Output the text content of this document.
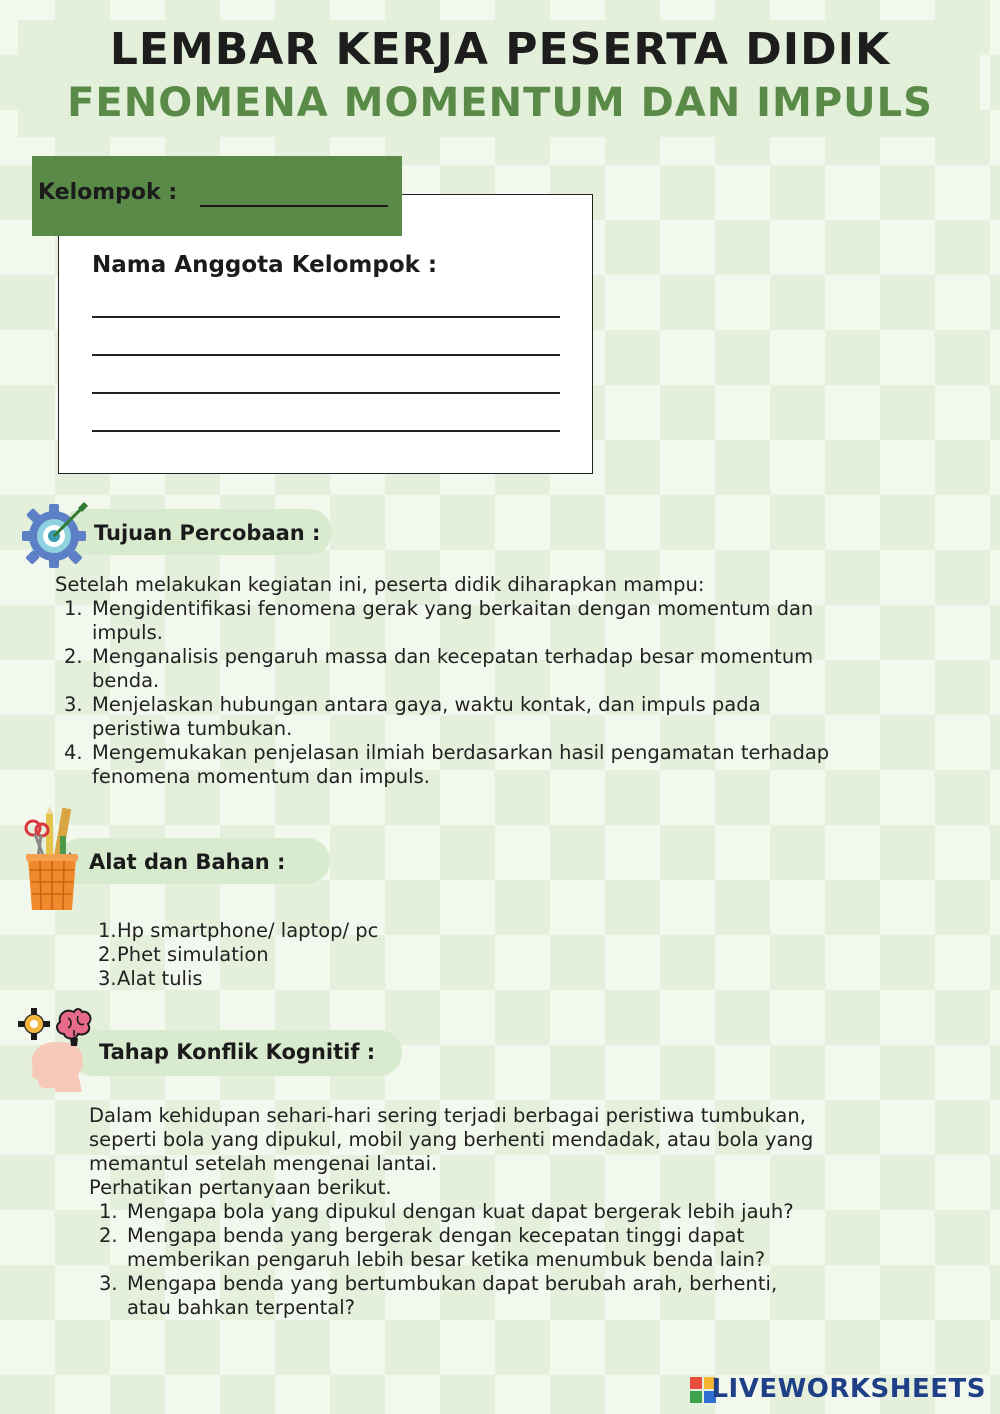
LEMBAR KERJA PESERTA DIDIK
FENOMENA MOMENTUM DAN IMPULS
Kelompok :
Nama Anggota Kelompok :
Tujuan Percobaan :
Setelah melakukan kegiatan ini, peserta didik diharapkan mampu:
1. Mengidentifikasi fenomena gerak yang berkaitan dengan momentum dan
impuls.
2. Menganalisis pengaruh massa dan kecepatan terhadap besar momentum
benda.
3. Menjelaskan hubungan antara gaya, waktu kontak, dan impuls pada
peristiwa tumbukan.
4. Mengemukakan penjelasan ilmiah berdasarkan hasil pengamatan terhadap
fenomena momentum dan impuls.
Alat dan Bahan :
1. Hp smartphone/ laptop/ pc
2. Phet simulation
3. Alat tulis
Tahap Konflik Kognitif :
Dalam kehidupan sehari-hari sering terjadi berbagai peristiwa tumbukan,
seperti bola yang dipukul, mobil yang berhenti mendadak, atau bola yang
memantul setelah mengenai lantai.
Perhatikan pertanyaan berikut.
1. Mengapa bola yang dipukul dengan kuat dapat bergerak lebih jauh?
2. Mengapa benda yang bergerak dengan kecepatan tinggi dapat
memberikan pengaruh lebih besar ketika menumbuk benda lain?
3. Mengapa benda yang bertumbukan dapat berubah arah, berhenti,
atau bahkan terpental?
LIVEWORKSHEETS
